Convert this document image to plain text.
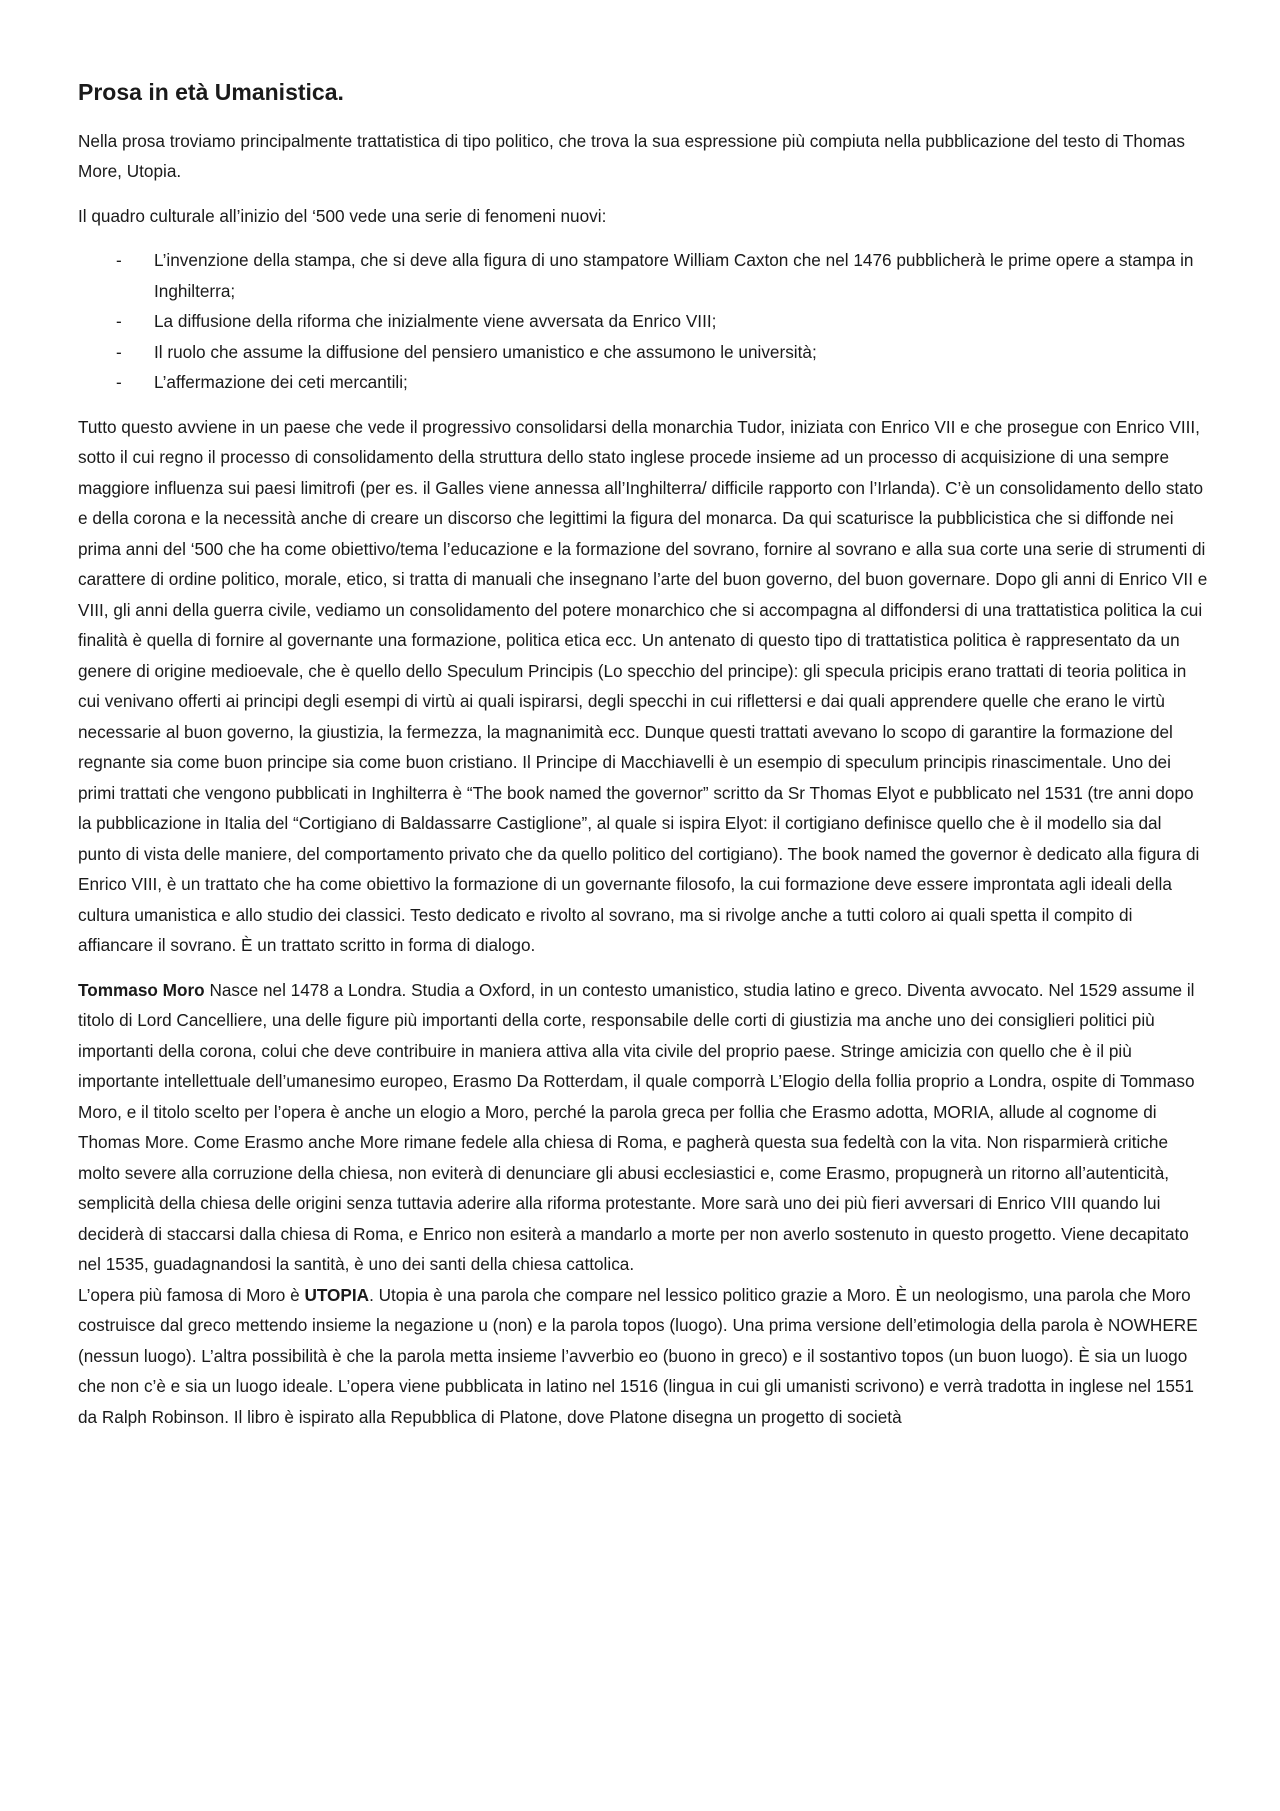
Prosa in età Umanistica.

Nella prosa troviamo principalmente trattatistica di tipo politico, che trova la sua espressione più compiuta nella pubblicazione del testo di Thomas More, Utopia.

Il quadro culturale all’inizio del ‘500 vede una serie di fenomeni nuovi:

- L’invenzione della stampa, che si deve alla figura di uno stampatore William Caxton che nel 1476 pubblicherà le prime opere a stampa in Inghilterra;
- La diffusione della riforma che inizialmente viene avversata da Enrico VIII;
- Il ruolo che assume la diffusione del pensiero umanistico e che assumono le università;
- L’affermazione dei ceti mercantili;

Tutto questo avviene in un paese che vede il progressivo consolidarsi della monarchia Tudor, iniziata con Enrico VII e che prosegue con Enrico VIII, sotto il cui regno il processo di consolidamento della struttura dello stato inglese procede insieme ad un processo di acquisizione di una sempre maggiore influenza sui paesi limitrofi (per es. il Galles viene annessa all’Inghilterra/ difficile rapporto con l’Irlanda). C’è un consolidamento dello stato e della corona e la necessità anche di creare un discorso che legittimi la figura del monarca. Da qui scaturisce la pubblicistica che si diffonde nei prima anni del ‘500 che ha come obiettivo/tema l’educazione e la formazione del sovrano, fornire al sovrano e alla sua corte una serie di strumenti di carattere di ordine politico, morale, etico, si tratta di manuali che insegnano l’arte del buon governo, del buon governare. Dopo gli anni di Enrico VII e VIII, gli anni della guerra civile, vediamo un consolidamento del potere monarchico che si accompagna al diffondersi di una trattatistica politica la cui finalità è quella di fornire al governante una formazione, politica etica ecc. Un antenato di questo tipo di trattatistica politica è rappresentato da un genere di origine medioevale, che è quello dello Speculum Principis (Lo specchio del principe): gli specula pricipis erano trattati di teoria politica in cui venivano offerti ai principi degli esempi di virtù ai quali ispirarsi, degli specchi in cui riflettersi e dai quali apprendere quelle che erano le virtù necessarie al buon governo, la giustizia, la fermezza, la magnanimità ecc. Dunque questi trattati avevano lo scopo di garantire la formazione del regnante sia come buon principe sia come buon cristiano. Il Principe di Macchiavelli è un esempio di speculum principis rinascimentale. Uno dei primi trattati che vengono pubblicati in Inghilterra è “The book named the governor” scritto da Sr Thomas Elyot e pubblicato nel 1531 (tre anni dopo la pubblicazione in Italia del “Cortigiano di Baldassarre Castiglione”, al quale si ispira Elyot: il cortigiano definisce quello che è il modello sia dal punto di vista delle maniere, del comportamento privato che da quello politico del cortigiano). The book named the governor è dedicato alla figura di Enrico VIII, è un trattato che ha come obiettivo la formazione di un governante filosofo, la cui formazione deve essere improntata agli ideali della cultura umanistica e allo studio dei classici. Testo dedicato e rivolto al sovrano, ma si rivolge anche a tutti coloro ai quali spetta il compito di affiancare il sovrano. È un trattato scritto in forma di dialogo.

Tommaso Moro Nasce nel 1478 a Londra. Studia a Oxford, in un contesto umanistico, studia latino e greco. Diventa avvocato. Nel 1529 assume il titolo di Lord Cancelliere, una delle figure più importanti della corte, responsabile delle corti di giustizia ma anche uno dei consiglieri politici più importanti della corona, colui che deve contribuire in maniera attiva alla vita civile del proprio paese. Stringe amicizia con quello che è il più importante intellettuale dell’umanesimo europeo, Erasmo Da Rotterdam, il quale comporrà L’Elogio della follia proprio a Londra, ospite di Tommaso Moro, e il titolo scelto per l’opera è anche un elogio a Moro, perché la parola greca per follia che Erasmo adotta, MORIA, allude al cognome di Thomas More. Come Erasmo anche More rimane fedele alla chiesa di Roma, e pagherà questa sua fedeltà con la vita. Non risparmierà critiche molto severe alla corruzione della chiesa, non eviterà di denunciare gli abusi ecclesiastici e, come Erasmo, propugnerà un ritorno all’autenticità, semplicità della chiesa delle origini senza tuttavia aderire alla riforma protestante. More sarà uno dei più fieri avversari di Enrico VIII quando lui deciderà di staccarsi dalla chiesa di Roma, e Enrico non esiterà a mandarlo a morte per non averlo sostenuto in questo progetto. Viene decapitato nel 1535, guadagnandosi la santità, è uno dei santi della chiesa cattolica.

L’opera più famosa di Moro è UTOPIA. Utopia è una parola che compare nel lessico politico grazie a Moro. È un neologismo, una parola che Moro costruisce dal greco mettendo insieme la negazione u (non) e la parola topos (luogo). Una prima versione dell’etimologia della parola è NOWHERE (nessun luogo). L’altra possibilità è che la parola metta insieme l’avverbio eo (buono in greco) e il sostantivo topos (un buon luogo). È sia un luogo che non c’è e sia un luogo ideale. L’opera viene pubblicata in latino nel 1516 (lingua in cui gli umanisti scrivono) e verrà tradotta in inglese nel 1551 da Ralph Robinson. Il libro è ispirato alla Repubblica di Platone, dove Platone disegna un progetto di società
